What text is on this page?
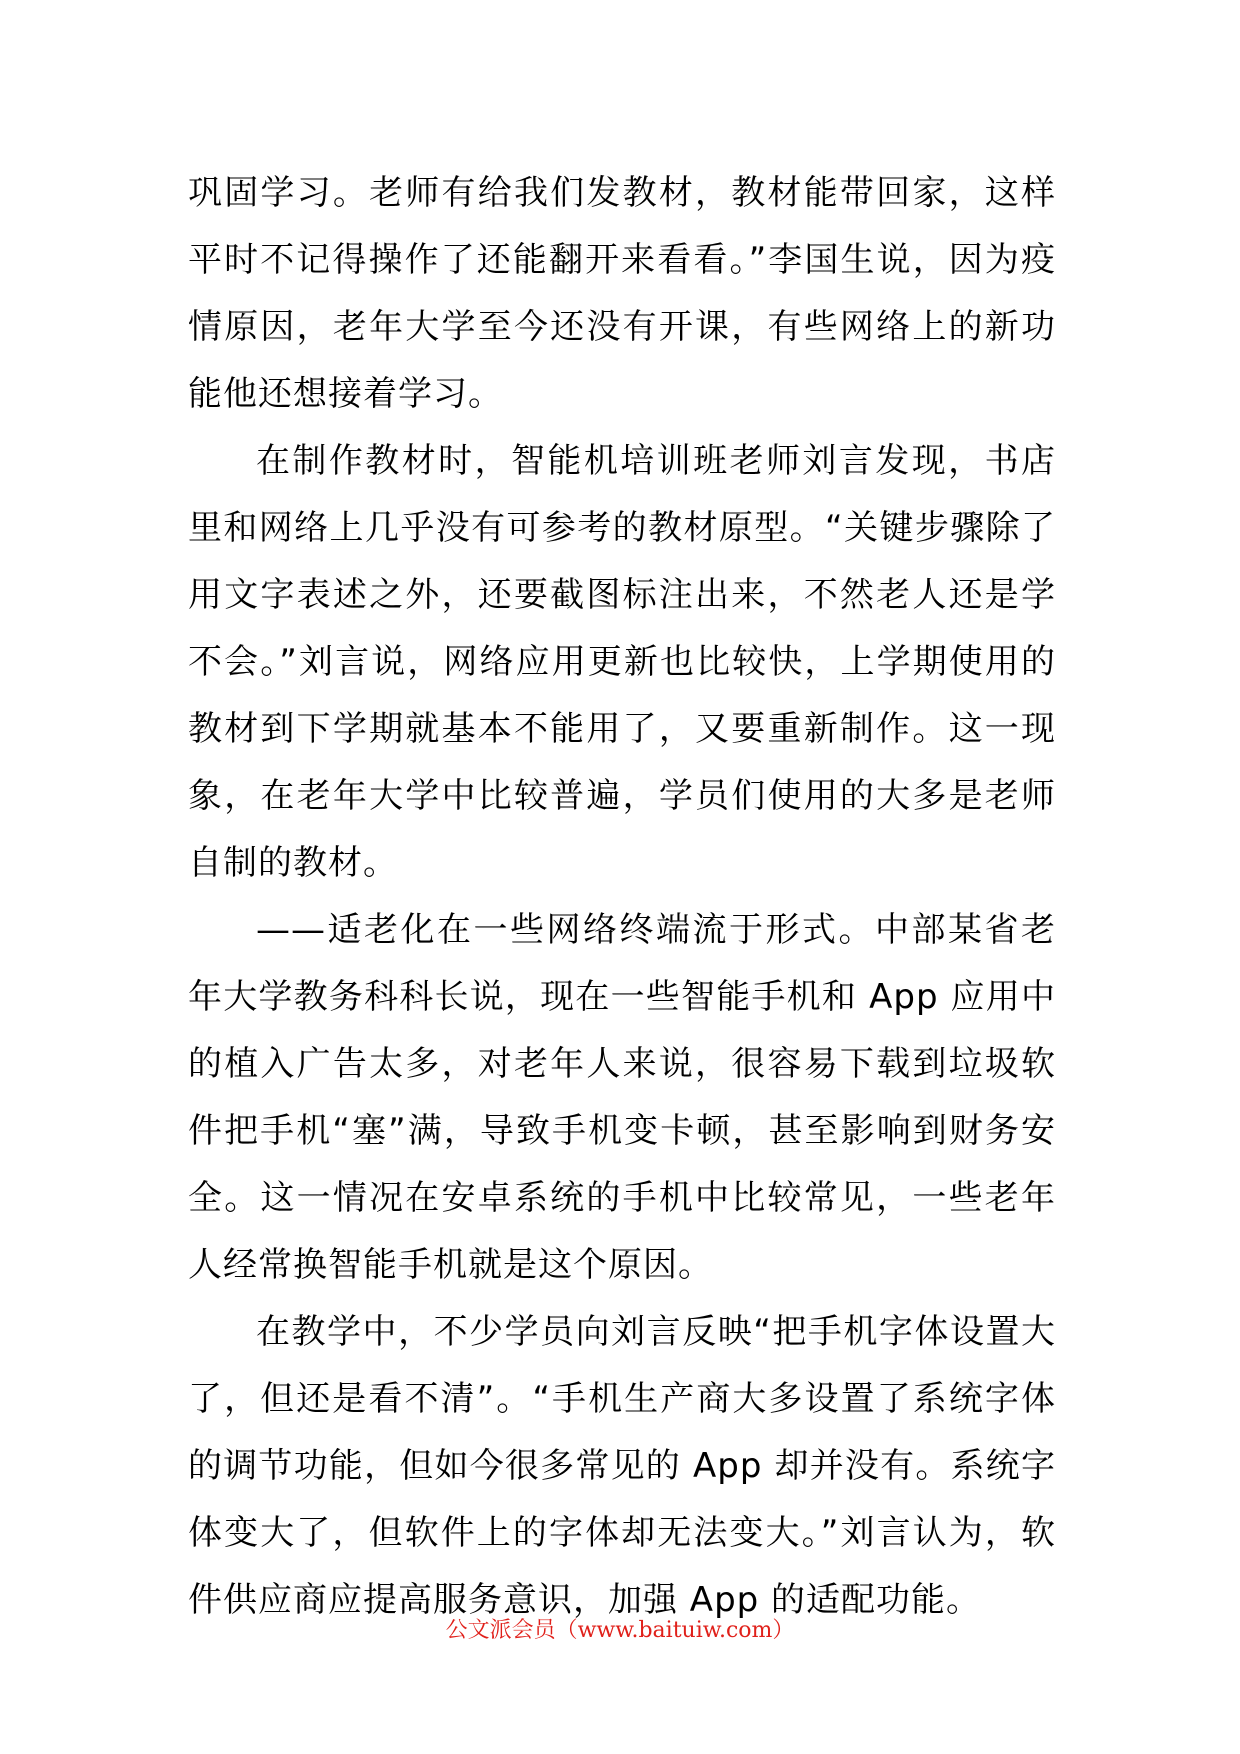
巩固学习。老师有给我们发教材，教材能带回家，这样平时不记得操作了还能翻开来看看。”李国生说，因为疫情原因，老年大学至今还没有开课，有些网络上的新功能他还想接着学习。

在制作教材时，智能机培训班老师刘言发现，书店里和网络上几乎没有可参考的教材原型。“关键步骤除了用文字表述之外，还要截图标注出来，不然老人还是学不会。”刘言说，网络应用更新也比较快，上学期使用的教材到下学期就基本不能用了，又要重新制作。这一现象，在老年大学中比较普遍，学员们使用的大多是老师自制的教材。

——适老化在一些网络终端流于形式。中部某省老年大学教务科科长说，现在一些智能手机和 App 应用中的植入广告太多，对老年人来说，很容易下载到垃圾软件把手机“塞”满，导致手机变卡顿，甚至影响到财务安全。这一情况在安卓系统的手机中比较常见，一些老年人经常换智能手机就是这个原因。

在教学中，不少学员向刘言反映“把手机字体设置大了，但还是看不清”。“手机生产商大多设置了系统字体的调节功能，但如今很多常见的 App 却并没有。系统字体变大了，但软件上的字体却无法变大。”刘言认为，软件供应商应提高服务意识，加强 App 的适配功能。

公文派会员（www.baituiw.com）
